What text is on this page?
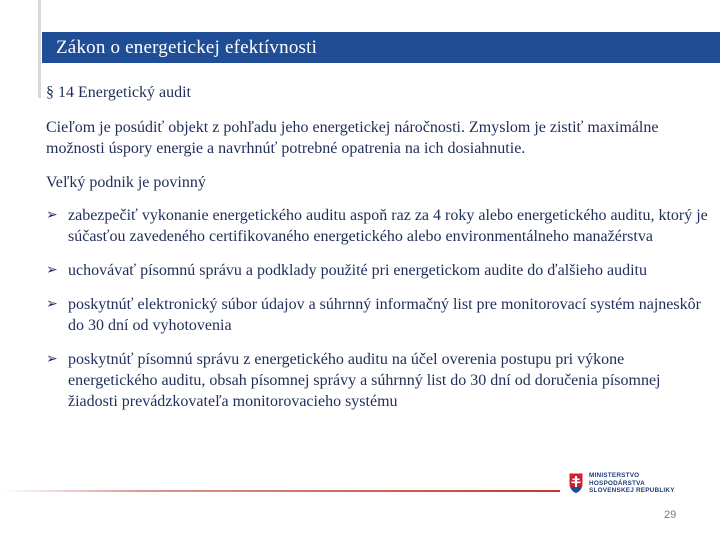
Zákon o energetickej efektívnosti
§ 14 Energetický audit
Cieľom je posúdiť objekt z pohľadu jeho energetickej náročnosti. Zmyslom je zistiť maximálne možnosti úspory energie a navrhnúť potrebné opatrenia na ich dosiahnutie.
Veľký podnik je povinný
➢ zabezpečiť vykonanie energetického auditu aspoň raz za 4 roky alebo energetického auditu, ktorý je súčasťou zavedeného certifikovaného energetického alebo environmentálneho manažérstva
➢ uchovávať písomnú správu a podklady použité pri energetickom audite do ďalšieho auditu
➢ poskytnúť elektronický súbor údajov a súhrnný informačný list pre monitorovací systém najneskôr do 30 dní od vyhotovenia
➢ poskytnúť písomnú správu z energetického auditu na účel overenia postupu pri výkone energetického auditu, obsah písomnej správy a súhrnný list do 30 dní od doručenia písomnej žiadosti prevádzkovateľa monitorovacieho systému
MINISTERSTVO
HOSPODÁRSTVA
SLOVENSKEJ REPUBLIKY
29
